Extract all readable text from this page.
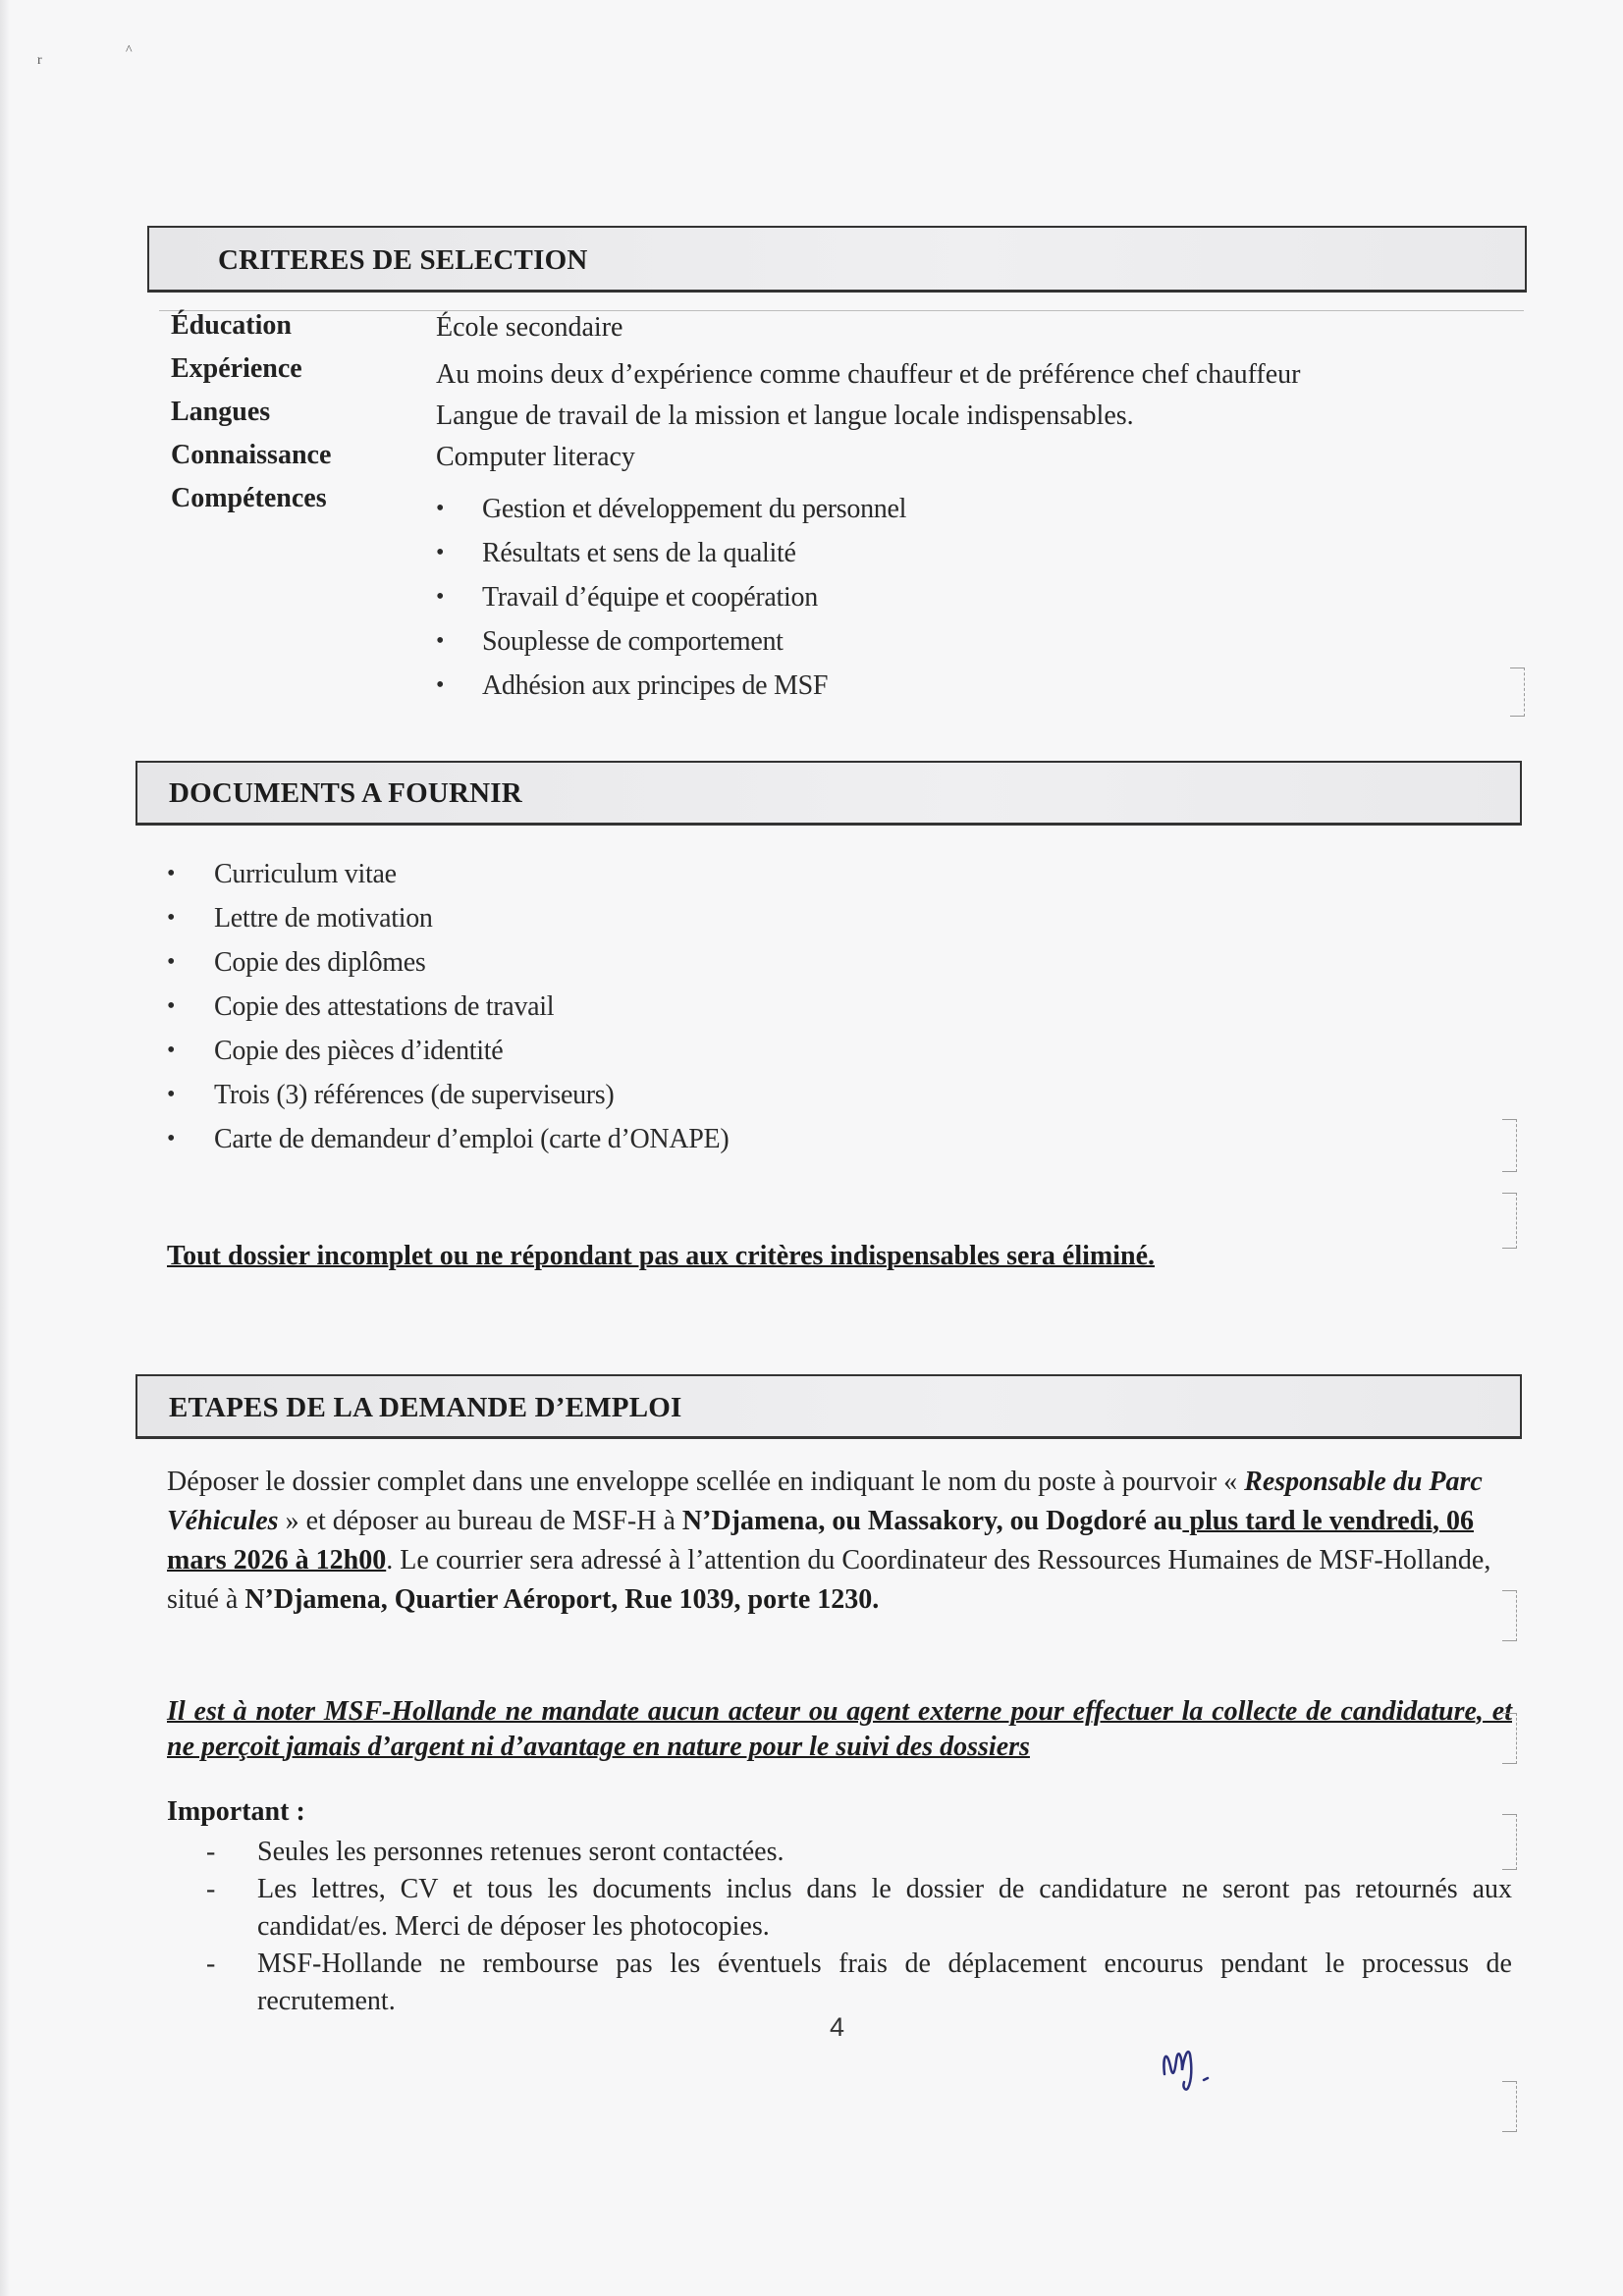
r
^
CRITERES DE SELECTION
Éducation	École secondaire
Expérience	Au moins deux d’expérience comme chauffeur et de préférence chef chauffeur
Langues	Langue de travail de la mission et langue locale indispensables.
Connaissance	Computer literacy
Compétences	• Gestion et développement du personnel
• Résultats et sens de la qualité
• Travail d’équipe et coopération
• Souplesse de comportement
• Adhésion aux principes de MSF
DOCUMENTS A FOURNIR
• Curriculum vitae
• Lettre de motivation
• Copie des diplômes
• Copie des attestations de travail
• Copie des pièces d’identité
• Trois (3) références (de superviseurs)
• Carte de demandeur d’emploi (carte d’ONAPE)
Tout dossier incomplet ou ne répondant pas aux critères indispensables sera éliminé.
ETAPES DE LA DEMANDE D’EMPLOI
Déposer le dossier complet dans une enveloppe scellée en indiquant le nom du poste à pourvoir « Responsable du Parc Véhicules » et déposer au bureau de MSF-H à N’Djamena, ou Massakory, ou Dogdoré au plus tard le vendredi, 06 mars 2026 à 12h00. Le courrier sera adressé à l’attention du Coordinateur des Ressources Humaines de MSF-Hollande, situé à N’Djamena, Quartier Aéroport, Rue 1039, porte 1230.
Il est à noter MSF-Hollande ne mandate aucun acteur ou agent externe pour effectuer la collecte de candidature, et ne perçoit jamais d’argent ni d’avantage en nature pour le suivi des dossiers
Important :
- Seules les personnes retenues seront contactées.
- Les lettres, CV et tous les documents inclus dans le dossier de candidature ne seront pas retournés aux candidat/es. Merci de déposer les photocopies.
- MSF-Hollande ne rembourse pas les éventuels frais de déplacement encourus pendant le processus de recrutement.
4
